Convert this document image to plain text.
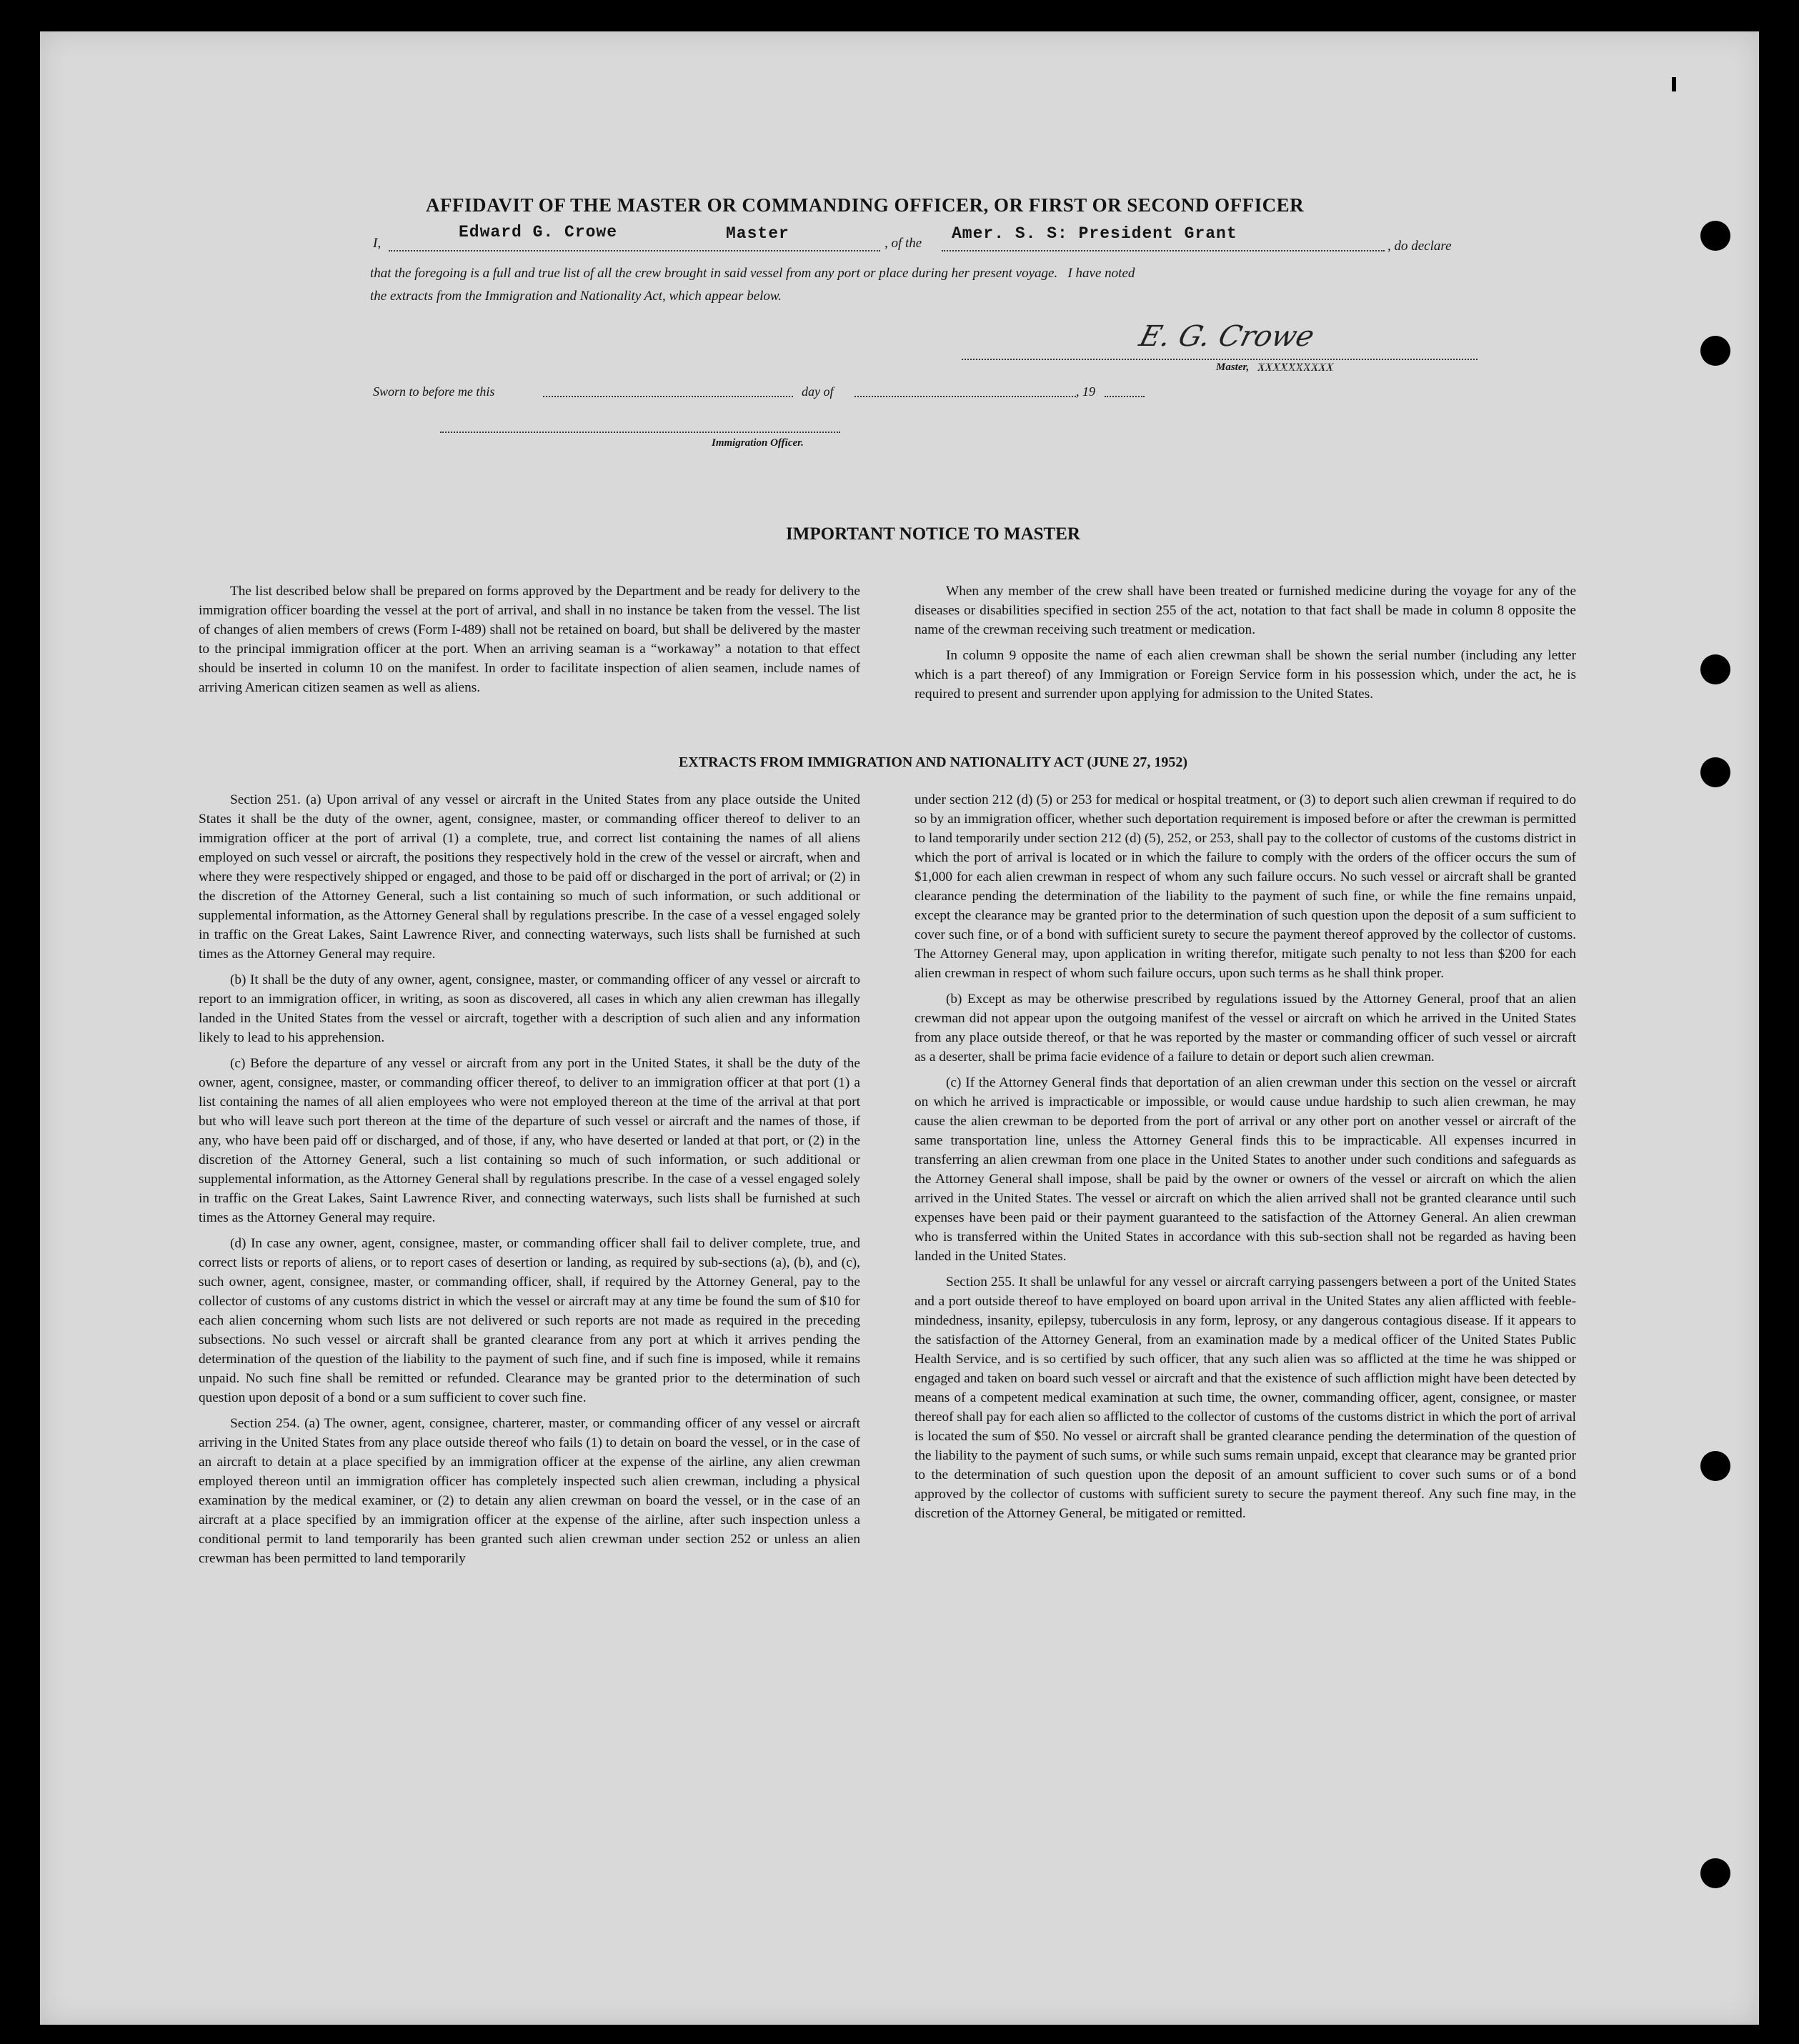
AFFIDAVIT OF THE MASTER OR COMMANDING OFFICER, OR FIRST OR SECOND OFFICER
I,
Edward G. Crowe	Master
, of the
Amer. S. S: President Grant
, do declare
that the foregoing is a full and true list of all the crew brought in said vessel from any port or place during her present voyage.   I have noted
the extracts from the Immigration and Nationality Act, which appear below.
E. G. Crowe
Master, XXXXXXXXXX
Sworn to before me this	day of	, 19
Immigration Officer.
IMPORTANT NOTICE TO MASTER

The list described below shall be prepared on forms approved by the Department and be ready for delivery to the immigration officer boarding the vessel at the port of arrival, and shall in no instance be taken from the vessel. The list of changes of alien members of crews (Form I-489) shall not be retained on board, but shall be delivered by the master to the principal immigration officer at the port. When an arriving seaman is a “workaway” a notation to that effect should be inserted in column 10 on the manifest. In order to facilitate inspection of alien seamen, include names of arriving American citizen seamen as well as aliens.

When any member of the crew shall have been treated or furnished medicine during the voyage for any of the diseases or disabilities specified in section 255 of the act, notation to that fact shall be made in column 8 opposite the name of the crewman receiving such treatment or medication.

In column 9 opposite the name of each alien crewman shall be shown the serial number (including any letter which is a part thereof) of any Immigration or Foreign Service form in his possession which, under the act, he is required to present and surrender upon applying for admission to the United States.

EXTRACTS FROM IMMIGRATION AND NATIONALITY ACT (JUNE 27, 1952)

Section 251. (a) Upon arrival of any vessel or aircraft in the United States from any place outside the United States it shall be the duty of the owner, agent, consignee, master, or commanding officer thereof to deliver to an immigration officer at the port of arrival (1) a complete, true, and correct list containing the names of all aliens employed on such vessel or aircraft, the positions they respectively hold in the crew of the vessel or aircraft, when and where they were respectively shipped or engaged, and those to be paid off or discharged in the port of arrival; or (2) in the discretion of the Attorney General, such a list containing so much of such information, or such additional or supplemental information, as the Attorney General shall by regulations prescribe. In the case of a vessel engaged solely in traffic on the Great Lakes, Saint Lawrence River, and connecting waterways, such lists shall be furnished at such times as the Attorney General may require.

(b) It shall be the duty of any owner, agent, consignee, master, or commanding officer of any vessel or aircraft to report to an immigration officer, in writing, as soon as discovered, all cases in which any alien crewman has illegally landed in the United States from the vessel or aircraft, together with a description of such alien and any information likely to lead to his apprehension.

(c) Before the departure of any vessel or aircraft from any port in the United States, it shall be the duty of the owner, agent, consignee, master, or commanding officer thereof, to deliver to an immigration officer at that port (1) a list containing the names of all alien employees who were not employed thereon at the time of the arrival at that port but who will leave such port thereon at the time of the departure of such vessel or aircraft and the names of those, if any, who have been paid off or discharged, and of those, if any, who have deserted or landed at that port, or (2) in the discretion of the Attorney General, such a list containing so much of such information, or such additional or supplemental information, as the Attorney General shall by regulations prescribe. In the case of a vessel engaged solely in traffic on the Great Lakes, Saint Lawrence River, and connecting waterways, such lists shall be furnished at such times as the Attorney General may require.

(d) In case any owner, agent, consignee, master, or commanding officer shall fail to deliver complete, true, and correct lists or reports of aliens, or to report cases of desertion or landing, as required by sub-sections (a), (b), and (c), such owner, agent, consignee, master, or commanding officer, shall, if required by the Attorney General, pay to the collector of customs of any customs district in which the vessel or aircraft may at any time be found the sum of $10 for each alien concerning whom such lists are not delivered or such reports are not made as required in the preceding subsections. No such vessel or aircraft shall be granted clearance from any port at which it arrives pending the determination of the question of the liability to the payment of such fine, and if such fine is imposed, while it remains unpaid. No such fine shall be remitted or refunded. Clearance may be granted prior to the determination of such question upon deposit of a bond or a sum sufficient to cover such fine.

Section 254. (a) The owner, agent, consignee, charterer, master, or commanding officer of any vessel or aircraft arriving in the United States from any place outside thereof who fails (1) to detain on board the vessel, or in the case of an aircraft to detain at a place specified by an immigration officer at the expense of the airline, any alien crewman employed thereon until an immigration officer has completely inspected such alien crewman, including a physical examination by the medical examiner, or (2) to detain any alien crewman on board the vessel, or in the case of an aircraft at a place specified by an immigration officer at the expense of the airline, after such inspection unless a conditional permit to land temporarily has been granted such alien crewman under section 252 or unless an alien crewman has been permitted to land temporarily

under section 212 (d) (5) or 253 for medical or hospital treatment, or (3) to deport such alien crewman if required to do so by an immigration officer, whether such deportation requirement is imposed before or after the crewman is permitted to land temporarily under section 212 (d) (5), 252, or 253, shall pay to the collector of customs of the customs district in which the port of arrival is located or in which the failure to comply with the orders of the officer occurs the sum of $1,000 for each alien crewman in respect of whom any such failure occurs. No such vessel or aircraft shall be granted clearance pending the determination of the liability to the payment of such fine, or while the fine remains unpaid, except the clearance may be granted prior to the determination of such question upon the deposit of a sum sufficient to cover such fine, or of a bond with sufficient surety to secure the payment thereof approved by the collector of customs. The Attorney General may, upon application in writing therefor, mitigate such penalty to not less than $200 for each alien crewman in respect of whom such failure occurs, upon such terms as he shall think proper.

(b) Except as may be otherwise prescribed by regulations issued by the Attorney General, proof that an alien crewman did not appear upon the outgoing manifest of the vessel or aircraft on which he arrived in the United States from any place outside thereof, or that he was reported by the master or commanding officer of such vessel or aircraft as a deserter, shall be prima facie evidence of a failure to detain or deport such alien crewman.

(c) If the Attorney General finds that deportation of an alien crewman under this section on the vessel or aircraft on which he arrived is impracticable or impossible, or would cause undue hardship to such alien crewman, he may cause the alien crewman to be deported from the port of arrival or any other port on another vessel or aircraft of the same transportation line, unless the Attorney General finds this to be impracticable. All expenses incurred in transferring an alien crewman from one place in the United States to another under such conditions and safeguards as the Attorney General shall impose, shall be paid by the owner or owners of the vessel or aircraft on which the alien arrived in the United States. The vessel or aircraft on which the alien arrived shall not be granted clearance until such expenses have been paid or their payment guaranteed to the satisfaction of the Attorney General. An alien crewman who is transferred within the United States in accordance with this sub-section shall not be regarded as having been landed in the United States.

Section 255. It shall be unlawful for any vessel or aircraft carrying passengers between a port of the United States and a port outside thereof to have employed on board upon arrival in the United States any alien afflicted with feeble-mindedness, insanity, epilepsy, tuberculosis in any form, leprosy, or any dangerous contagious disease. If it appears to the satisfaction of the Attorney General, from an examination made by a medical officer of the United States Public Health Service, and is so certified by such officer, that any such alien was so afflicted at the time he was shipped or engaged and taken on board such vessel or aircraft and that the existence of such affliction might have been detected by means of a competent medical examination at such time, the owner, commanding officer, agent, consignee, or master thereof shall pay for each alien so afflicted to the collector of customs of the customs district in which the port of arrival is located the sum of $50. No vessel or aircraft shall be granted clearance pending the determination of the question of the liability to the payment of such sums, or while such sums remain unpaid, except that clearance may be granted prior to the determination of such question upon the deposit of an amount sufficient to cover such sums or of a bond approved by the collector of customs with sufficient surety to secure the payment thereof. Any such fine may, in the discretion of the Attorney General, be mitigated or remitted.
